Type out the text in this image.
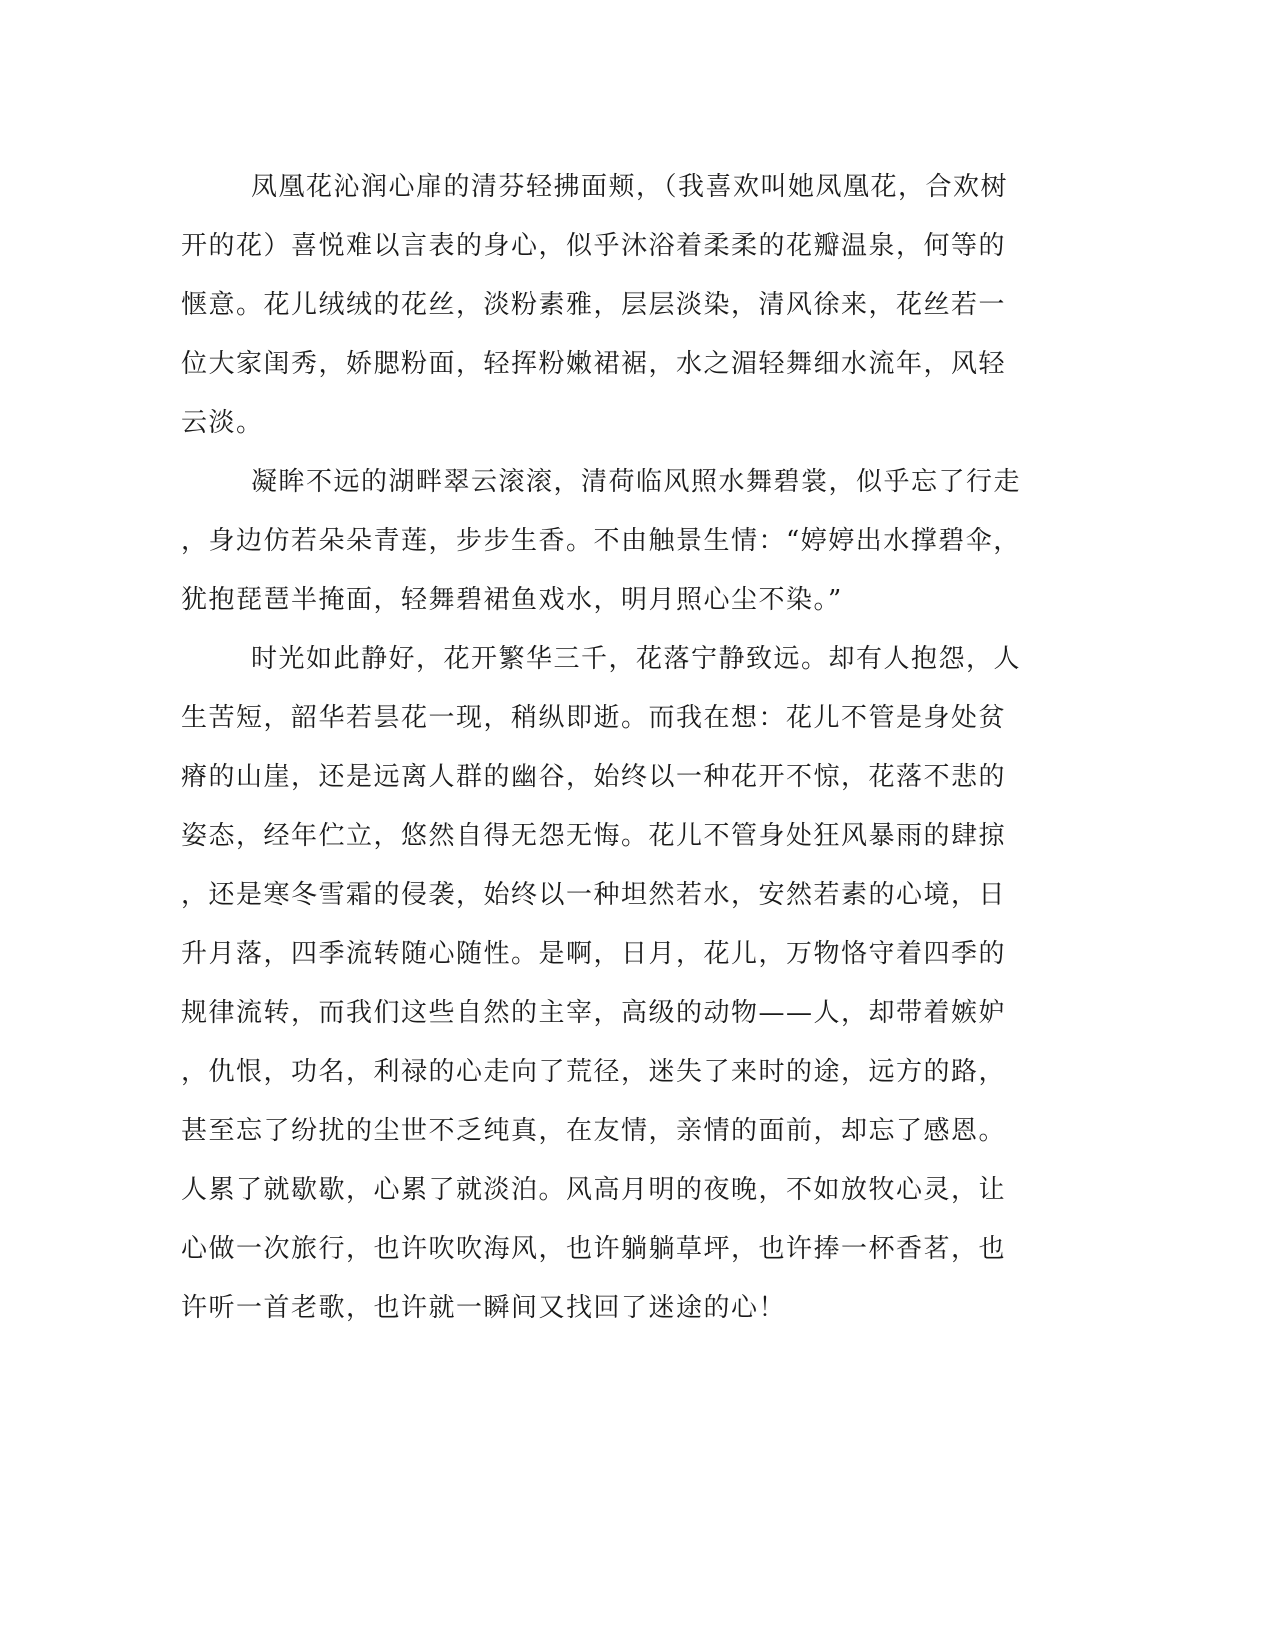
凤凰花沁润心扉的清芬轻拂面颊，（我喜欢叫她凤凰花，合欢树
开的花）喜悦难以言表的身心，似乎沐浴着柔柔的花瓣温泉，何等的
惬意。花儿绒绒的花丝，淡粉素雅，层层淡染，清风徐来，花丝若一
位大家闺秀，娇腮粉面，轻挥粉嫩裙裾，水之湄轻舞细水流年，风轻
云淡。
凝眸不远的湖畔翠云滚滚，清荷临风照水舞碧裳，似乎忘了行走
，身边仿若朵朵青莲，步步生香。不由触景生情：“婷婷出水撑碧伞，
犹抱琵琶半掩面，轻舞碧裙鱼戏水，明月照心尘不染。”
时光如此静好，花开繁华三千，花落宁静致远。却有人抱怨，人
生苦短，韶华若昙花一现，稍纵即逝。而我在想：花儿不管是身处贫
瘠的山崖，还是远离人群的幽谷，始终以一种花开不惊，花落不悲的
姿态，经年伫立，悠然自得无怨无悔。花儿不管身处狂风暴雨的肆掠
，还是寒冬雪霜的侵袭，始终以一种坦然若水，安然若素的心境，日
升月落，四季流转随心随性。是啊，日月，花儿，万物恪守着四季的
规律流转，而我们这些自然的主宰，高级的动物——人，却带着嫉妒
，仇恨，功名，利禄的心走向了荒径，迷失了来时的途，远方的路，
甚至忘了纷扰的尘世不乏纯真，在友情，亲情的面前，却忘了感恩。
人累了就歇歇，心累了就淡泊。风高月明的夜晚，不如放牧心灵，让
心做一次旅行，也许吹吹海风，也许躺躺草坪，也许捧一杯香茗，也
许听一首老歌，也许就一瞬间又找回了迷途的心！
